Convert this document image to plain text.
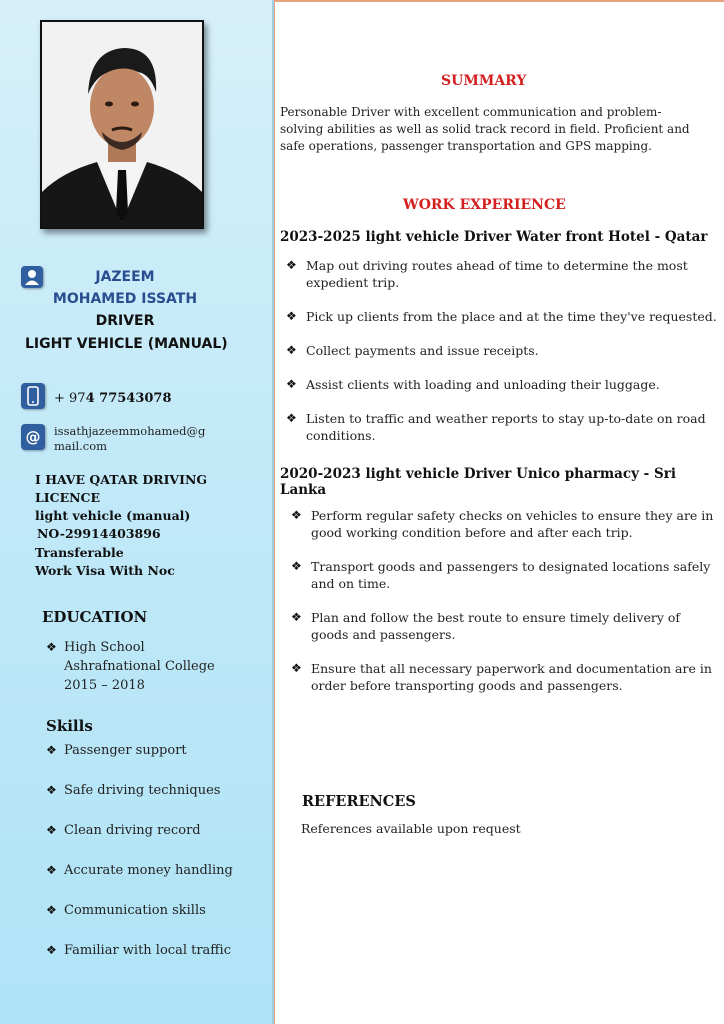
JAZEEM
MOHAMED ISSATH
DRIVER
LIGHT VEHICLE (MANUAL)
+ 974 77543078
@ issathjazeemmohamed@g
mail.com
I HAVE QATAR DRIVING LICENCE
light vehicle (manual)
NO-29914403896
Transferable
Work Visa With Noc
EDUCATION
❖ High School
Ashrafnational College
2015 – 2018
Skills
❖ Passenger support
❖ Safe driving techniques
❖ Clean driving record
❖ Accurate money handling
❖ Communication skills
❖ Familiar with local traffic
SUMMARY
Personable Driver with excellent communication and problem-
solving abilities as well as solid track record in field. Proficient and
safe operations, passenger transportation and GPS mapping.
WORK EXPERIENCE
2023-2025 light vehicle Driver Water front Hotel - Qatar
❖ Map out driving routes ahead of time to determine the most
expedient trip.
❖ Pick up clients from the place and at the time they've requested.
❖ Collect payments and issue receipts.
❖ Assist clients with loading and unloading their luggage.
❖ Listen to traffic and weather reports to stay up-to-date on road
conditions.
2020-2023 light vehicle Driver Unico pharmacy - Sri Lanka
❖ Perform regular safety checks on vehicles to ensure they are in
good working condition before and after each trip.
❖ Transport goods and passengers to designated locations safely
and on time.
❖ Plan and follow the best route to ensure timely delivery of
goods and passengers.
❖ Ensure that all necessary paperwork and documentation are in
order before transporting goods and passengers.
REFERENCES
References available upon request
